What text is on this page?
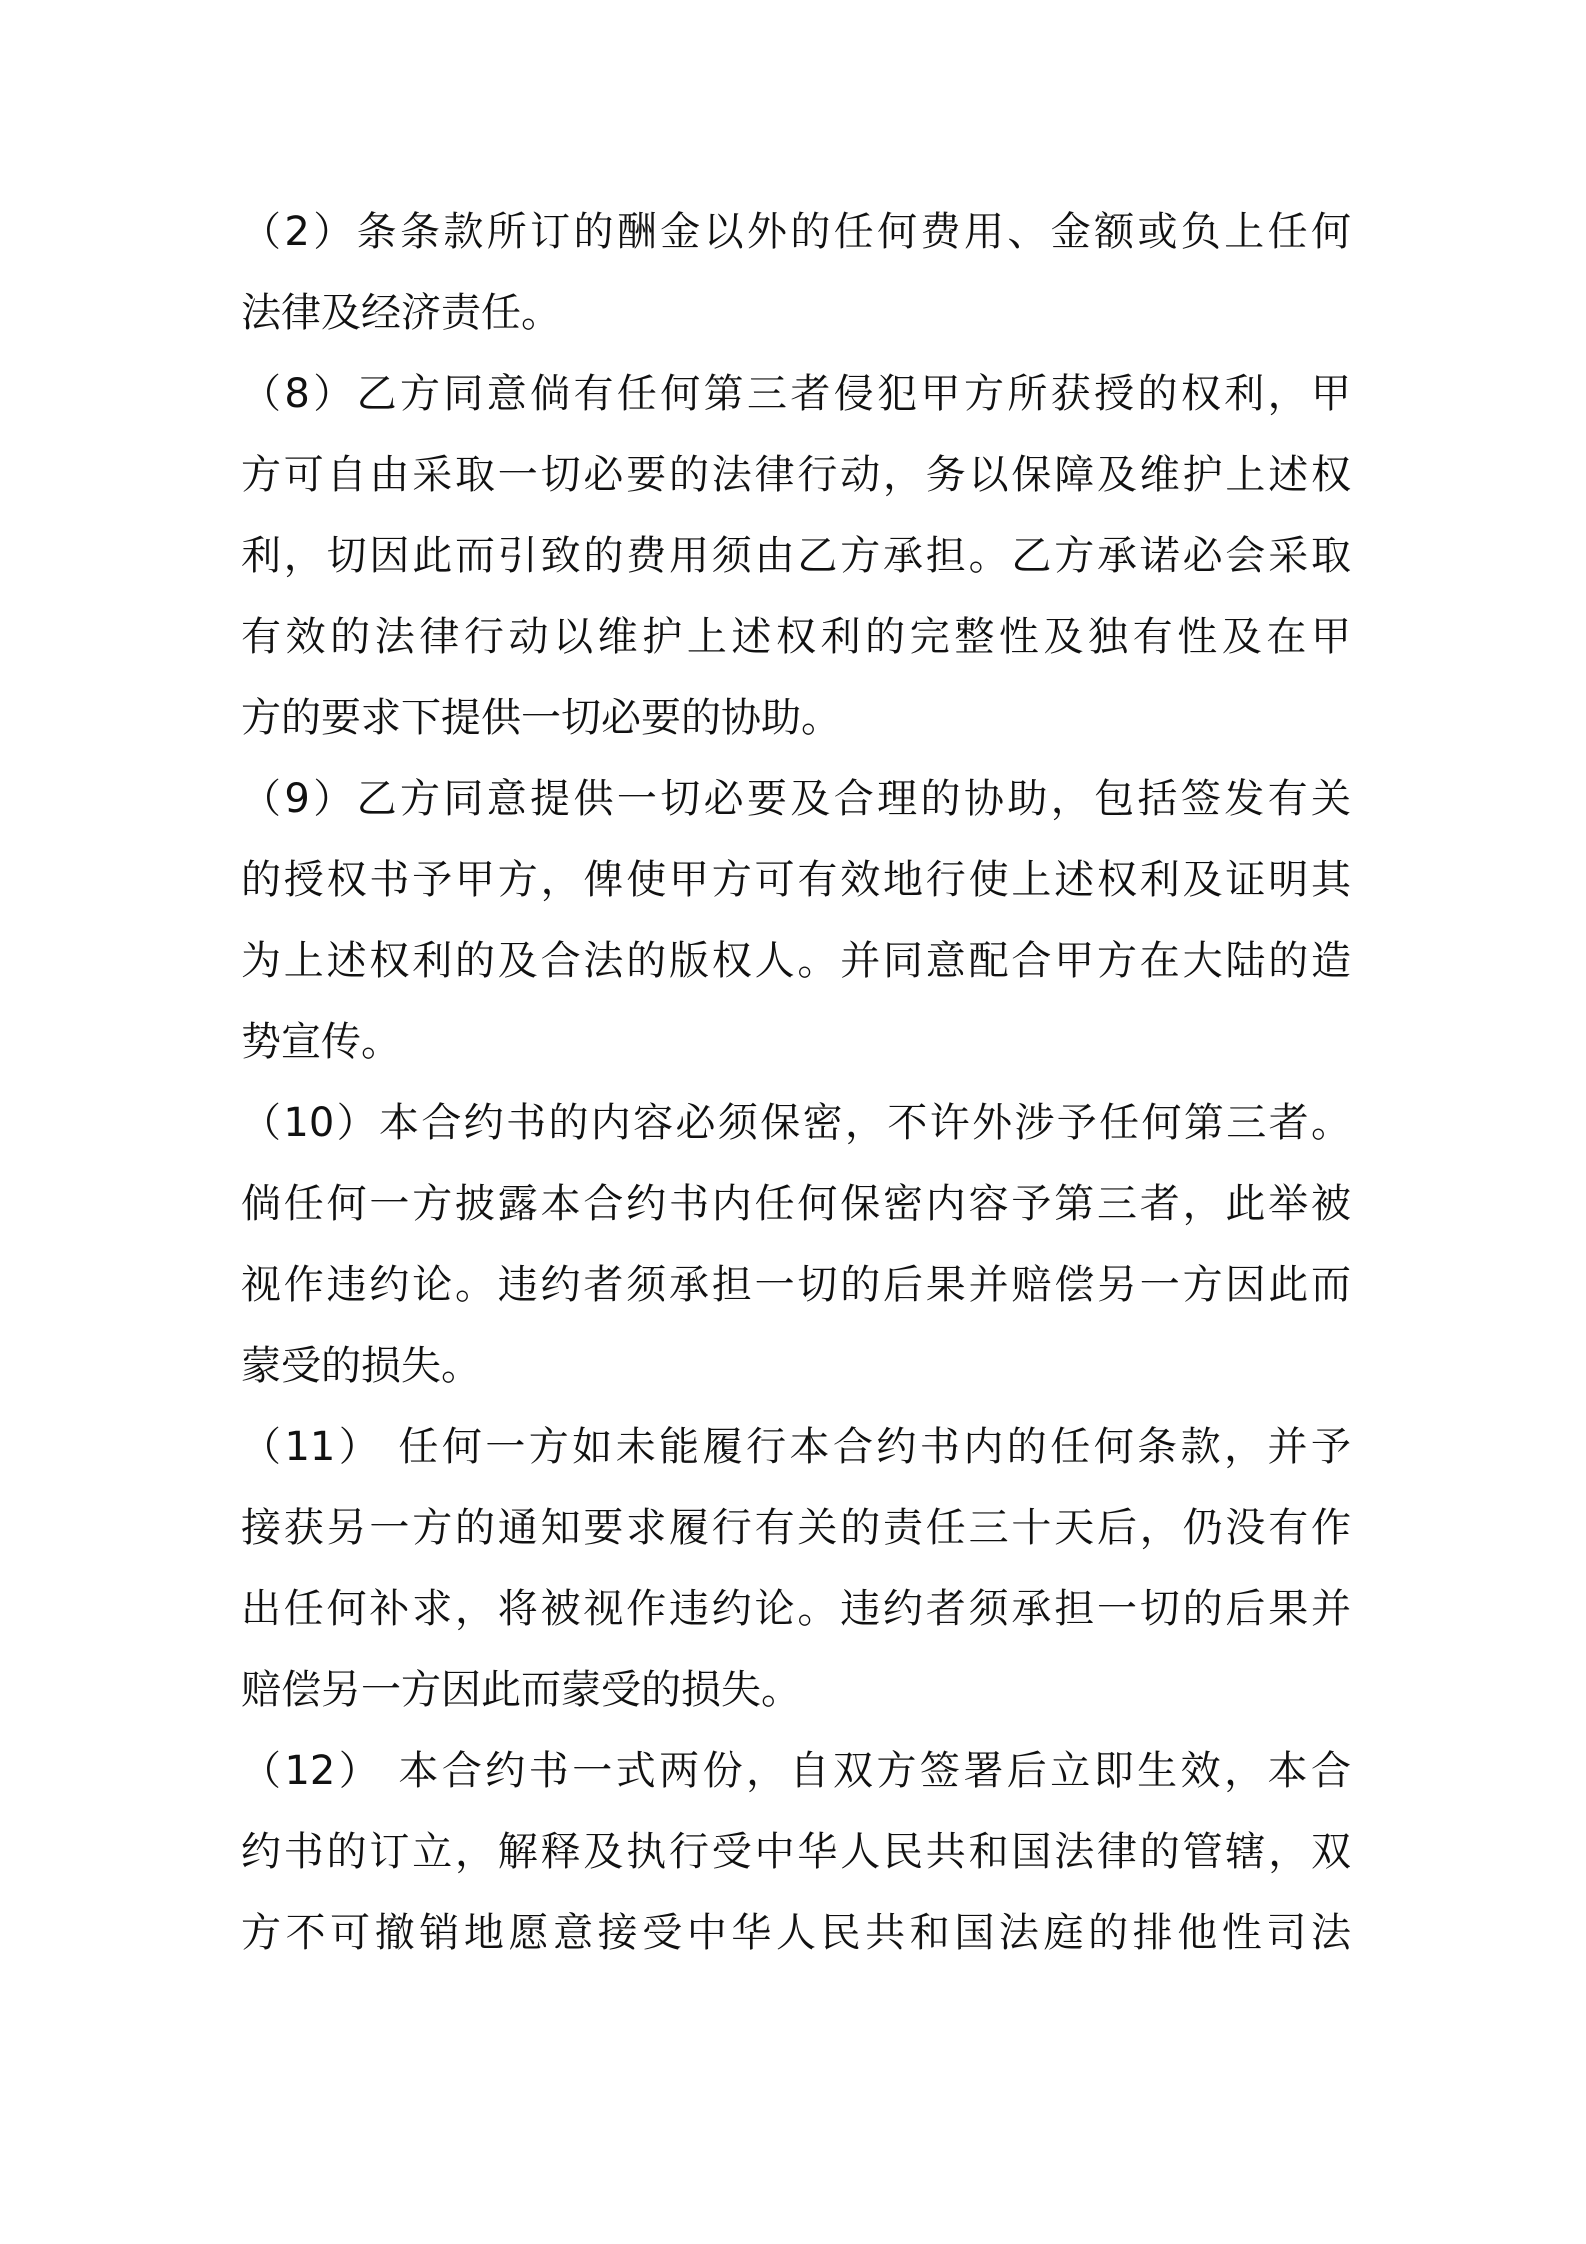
（2）条条款所订的酬金以外的任何费用、金额或负上任何
法律及经济责任。
（8）乙方同意倘有任何第三者侵犯甲方所获授的权利，甲
方可自由采取一切必要的法律行动，务以保障及维护上述权
利，切因此而引致的费用须由乙方承担。乙方承诺必会采取
有效的法律行动以维护上述权利的完整性及独有性及在甲
方的要求下提供一切必要的协助。
（9）乙方同意提供一切必要及合理的协助，包括签发有关
的授权书予甲方，俾使甲方可有效地行使上述权利及证明其
为上述权利的及合法的版权人。并同意配合甲方在大陆的造
势宣传。
（10）本合约书的内容必须保密，不许外涉予任何第三者。
倘任何一方披露本合约书内任何保密内容予第三者，此举被
视作违约论。违约者须承担一切的后果并赔偿另一方因此而
蒙受的损失。
（11） 任何一方如未能履行本合约书内的任何条款，并予
接获另一方的通知要求履行有关的责任三十天后，仍没有作
出任何补求，将被视作违约论。违约者须承担一切的后果并
赔偿另一方因此而蒙受的损失。
（12） 本合约书一式两份，自双方签署后立即生效，本合
约书的订立，解释及执行受中华人民共和国法律的管辖，双
方不可撤销地愿意接受中华人民共和国法庭的排他性司法
